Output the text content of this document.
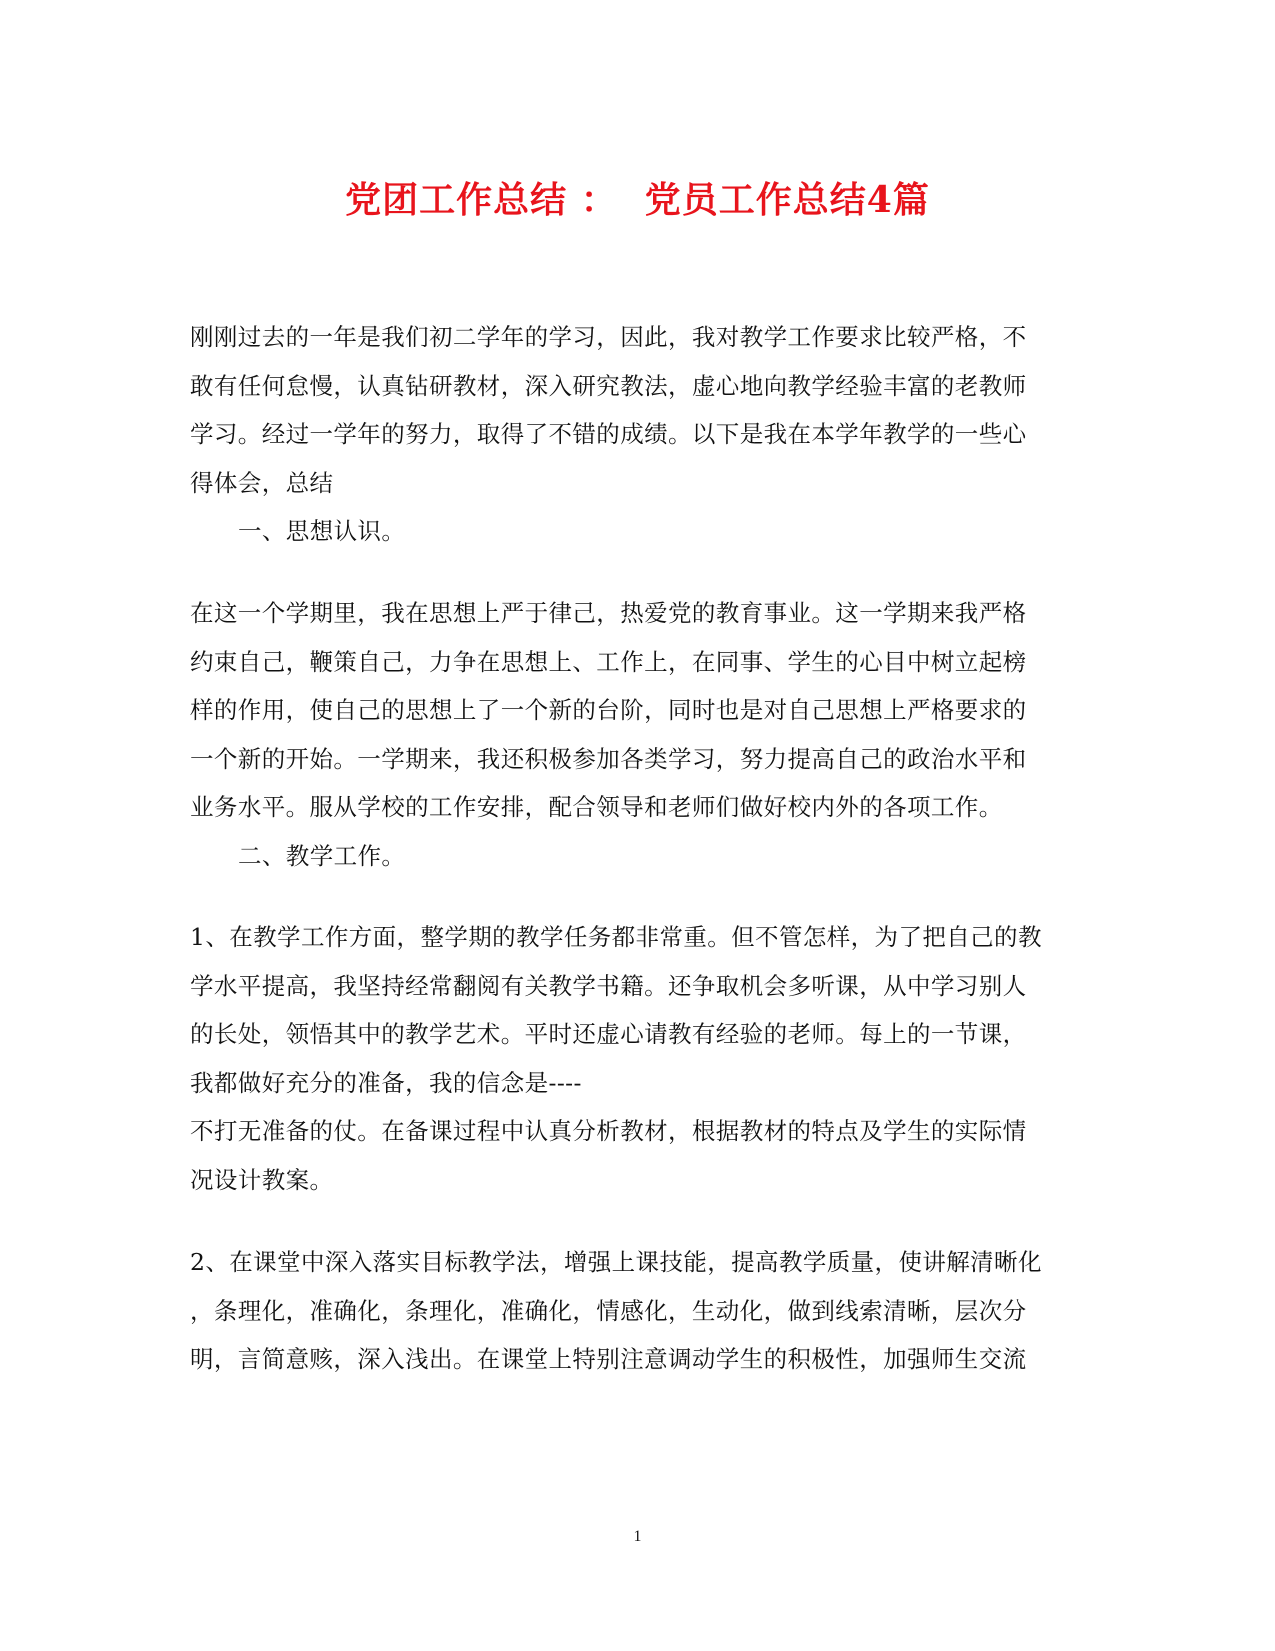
党团工作总结 ：  党员工作总结4篇
刚刚过去的一年是我们初二学年的学习，因此，我对教学工作要求比较严格，不
敢有任何怠慢，认真钻研教材，深入研究教法，虚心地向教学经验丰富的老教师
学习。经过一学年的努力，取得了不错的成绩。以下是我在本学年教学的一些心
得体会，总结
一、思想认识。
在这一个学期里，我在思想上严于律己，热爱党的教育事业。这一学期来我严格
约束自己，鞭策自己，力争在思想上、工作上，在同事、学生的心目中树立起榜
样的作用，使自己的思想上了一个新的台阶，同时也是对自己思想上严格要求的
一个新的开始。一学期来，我还积极参加各类学习，努力提高自己的政治水平和
业务水平。服从学校的工作安排，配合领导和老师们做好校内外的各项工作。
二、教学工作。
1、在教学工作方面，整学期的教学任务都非常重。但不管怎样，为了把自己的教
学水平提高，我坚持经常翻阅有关教学书籍。还争取机会多听课，从中学习别人
的长处，领悟其中的教学艺术。平时还虚心请教有经验的老师。每上的一节课，
我都做好充分的准备，我的信念是----
不打无准备的仗。在备课过程中认真分析教材，根据教材的特点及学生的实际情
况设计教案。
2、在课堂中深入落实目标教学法，增强上课技能，提高教学质量，使讲解清晰化
，条理化，准确化，条理化，准确化，情感化，生动化，做到线索清晰，层次分
明，言简意赅，深入浅出。在课堂上特别注意调动学生的积极性，加强师生交流
1
